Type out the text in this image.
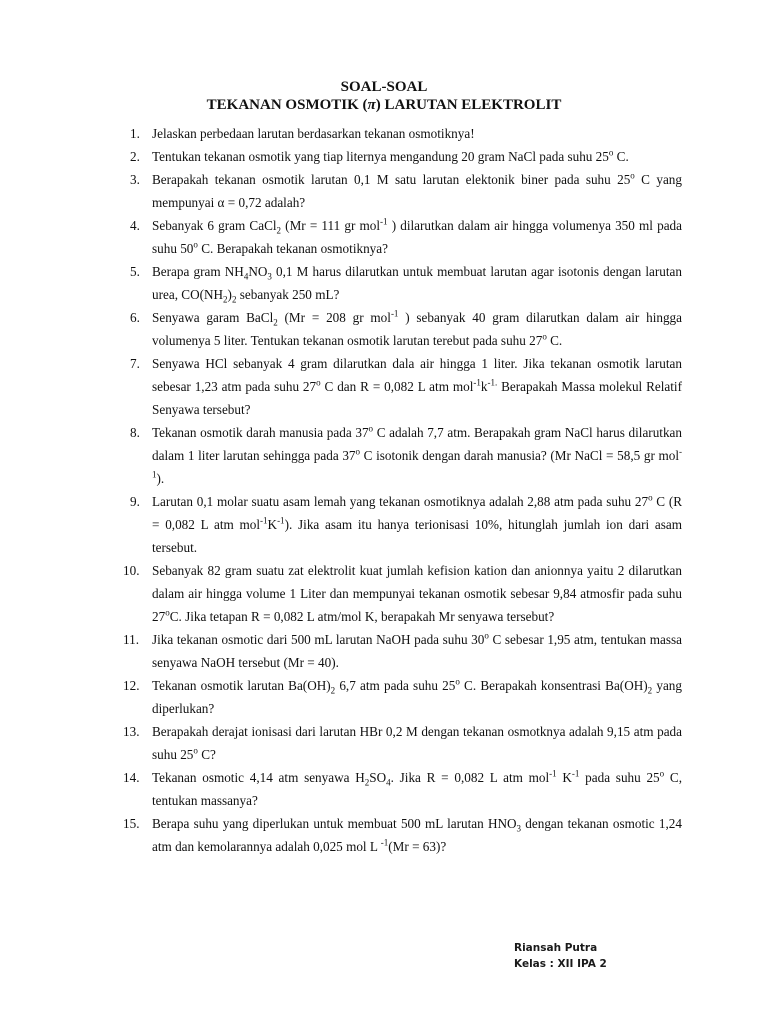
SOAL-SOAL
TEKANAN OSMOTIK (π) LARUTAN ELEKTROLIT
1. Jelaskan perbedaan larutan berdasarkan tekanan osmotiknya!
2. Tentukan tekanan osmotik yang tiap liternya mengandung 20 gram NaCl pada suhu 25$^o$ C.
3. Berapakah tekanan osmotik larutan 0,1 M satu larutan elektonik biner pada suhu 25$^o$ C yang mempunyai α = 0,72 adalah?
4. Sebanyak 6 gram CaCl$_2$ (Mr = 111 gr mol$^{-1}$ ) dilarutkan dalam air hingga volumenya 350 ml pada suhu 50$^o$ C. Berapakah tekanan osmotiknya?
5. Berapa gram $NH_4NO_3$ 0,1 M harus dilarutkan untuk membuat larutan agar isotonis dengan larutan urea, $CO(NH_2)_2$ sebanyak 250 mL?
6. Senyawa garam BaCl$_2$ (Mr = 208 gr mol$^{-1}$ ) sebanyak 40 gram dilarutkan dalam air hingga volumenya 5 liter. Tentukan tekanan osmotik larutan terebut pada suhu 27$^o$ C.
7. Senyawa HCl sebanyak 4 gram dilarutkan dala air hingga 1 liter. Jika tekanan osmotik larutan sebesar 1,23 atm pada suhu 27$^o$ C dan R = 0,082 L atm $mol^{-1}k^{-1.}$ Berapakah Massa molekul Relatif Senyawa tersebut?
8. Tekanan osmotik darah manusia pada 37$^o$ C adalah 7,7 atm. Berapakah gram NaCl harus dilarutkan dalam 1 liter larutan sehingga pada 37$^o$ C isotonik dengan darah manusia? (Mr NaCl = 58,5 gr mol$^{-1}$).
9. Larutan 0,1 molar suatu asam lemah yang tekanan osmotiknya adalah 2,88 atm pada suhu 27$^o$ C (R = 0,082 L atm $mol^{-1}K^{-1}$). Jika asam itu hanya terionisasi 10%, hitunglah jumlah ion dari asam tersebut.
10. Sebanyak 82 gram suatu zat elektrolit kuat jumlah kefision kation dan anionnya yaitu 2 dilarutkan dalam air hingga volume 1 Liter dan mempunyai tekanan osmotik sebesar 9,84 atmosfir pada suhu 27$^o$C. Jika tetapan R = 0,082 L atm/mol K, berapakah Mr senyawa tersebut?
11. Jika tekanan osmotic dari 500 mL larutan NaOH pada suhu 30$^o$ C sebesar 1,95 atm, tentukan massa senyawa NaOH tersebut (Mr = 40).
12. Tekanan osmotik larutan $Ba(OH)_2$ 6,7 atm pada suhu 25$^o$ C. Berapakah konsentrasi $Ba(OH)_2$ yang diperlukan?
13. Berapakah derajat ionisasi dari larutan HBr 0,2 M dengan tekanan osmotknya adalah 9,15 atm pada suhu 25$^o$ C?
14. Tekanan osmotic 4,14 atm senyawa $H_2SO_4$. Jika R = 0,082 L atm mol$^{-1}$ $K^{-1}$ pada suhu 25$^o$ C, tentukan massanya?
15. Berapa suhu yang diperlukan untuk membuat 500 mL larutan $HNO_3$ dengan tekanan osmotic 1,24 atm dan kemolarannya adalah 0,025 mol L $^{-1}$(Mr = 63)?
Riansah Putra
Kelas : XII IPA 2
